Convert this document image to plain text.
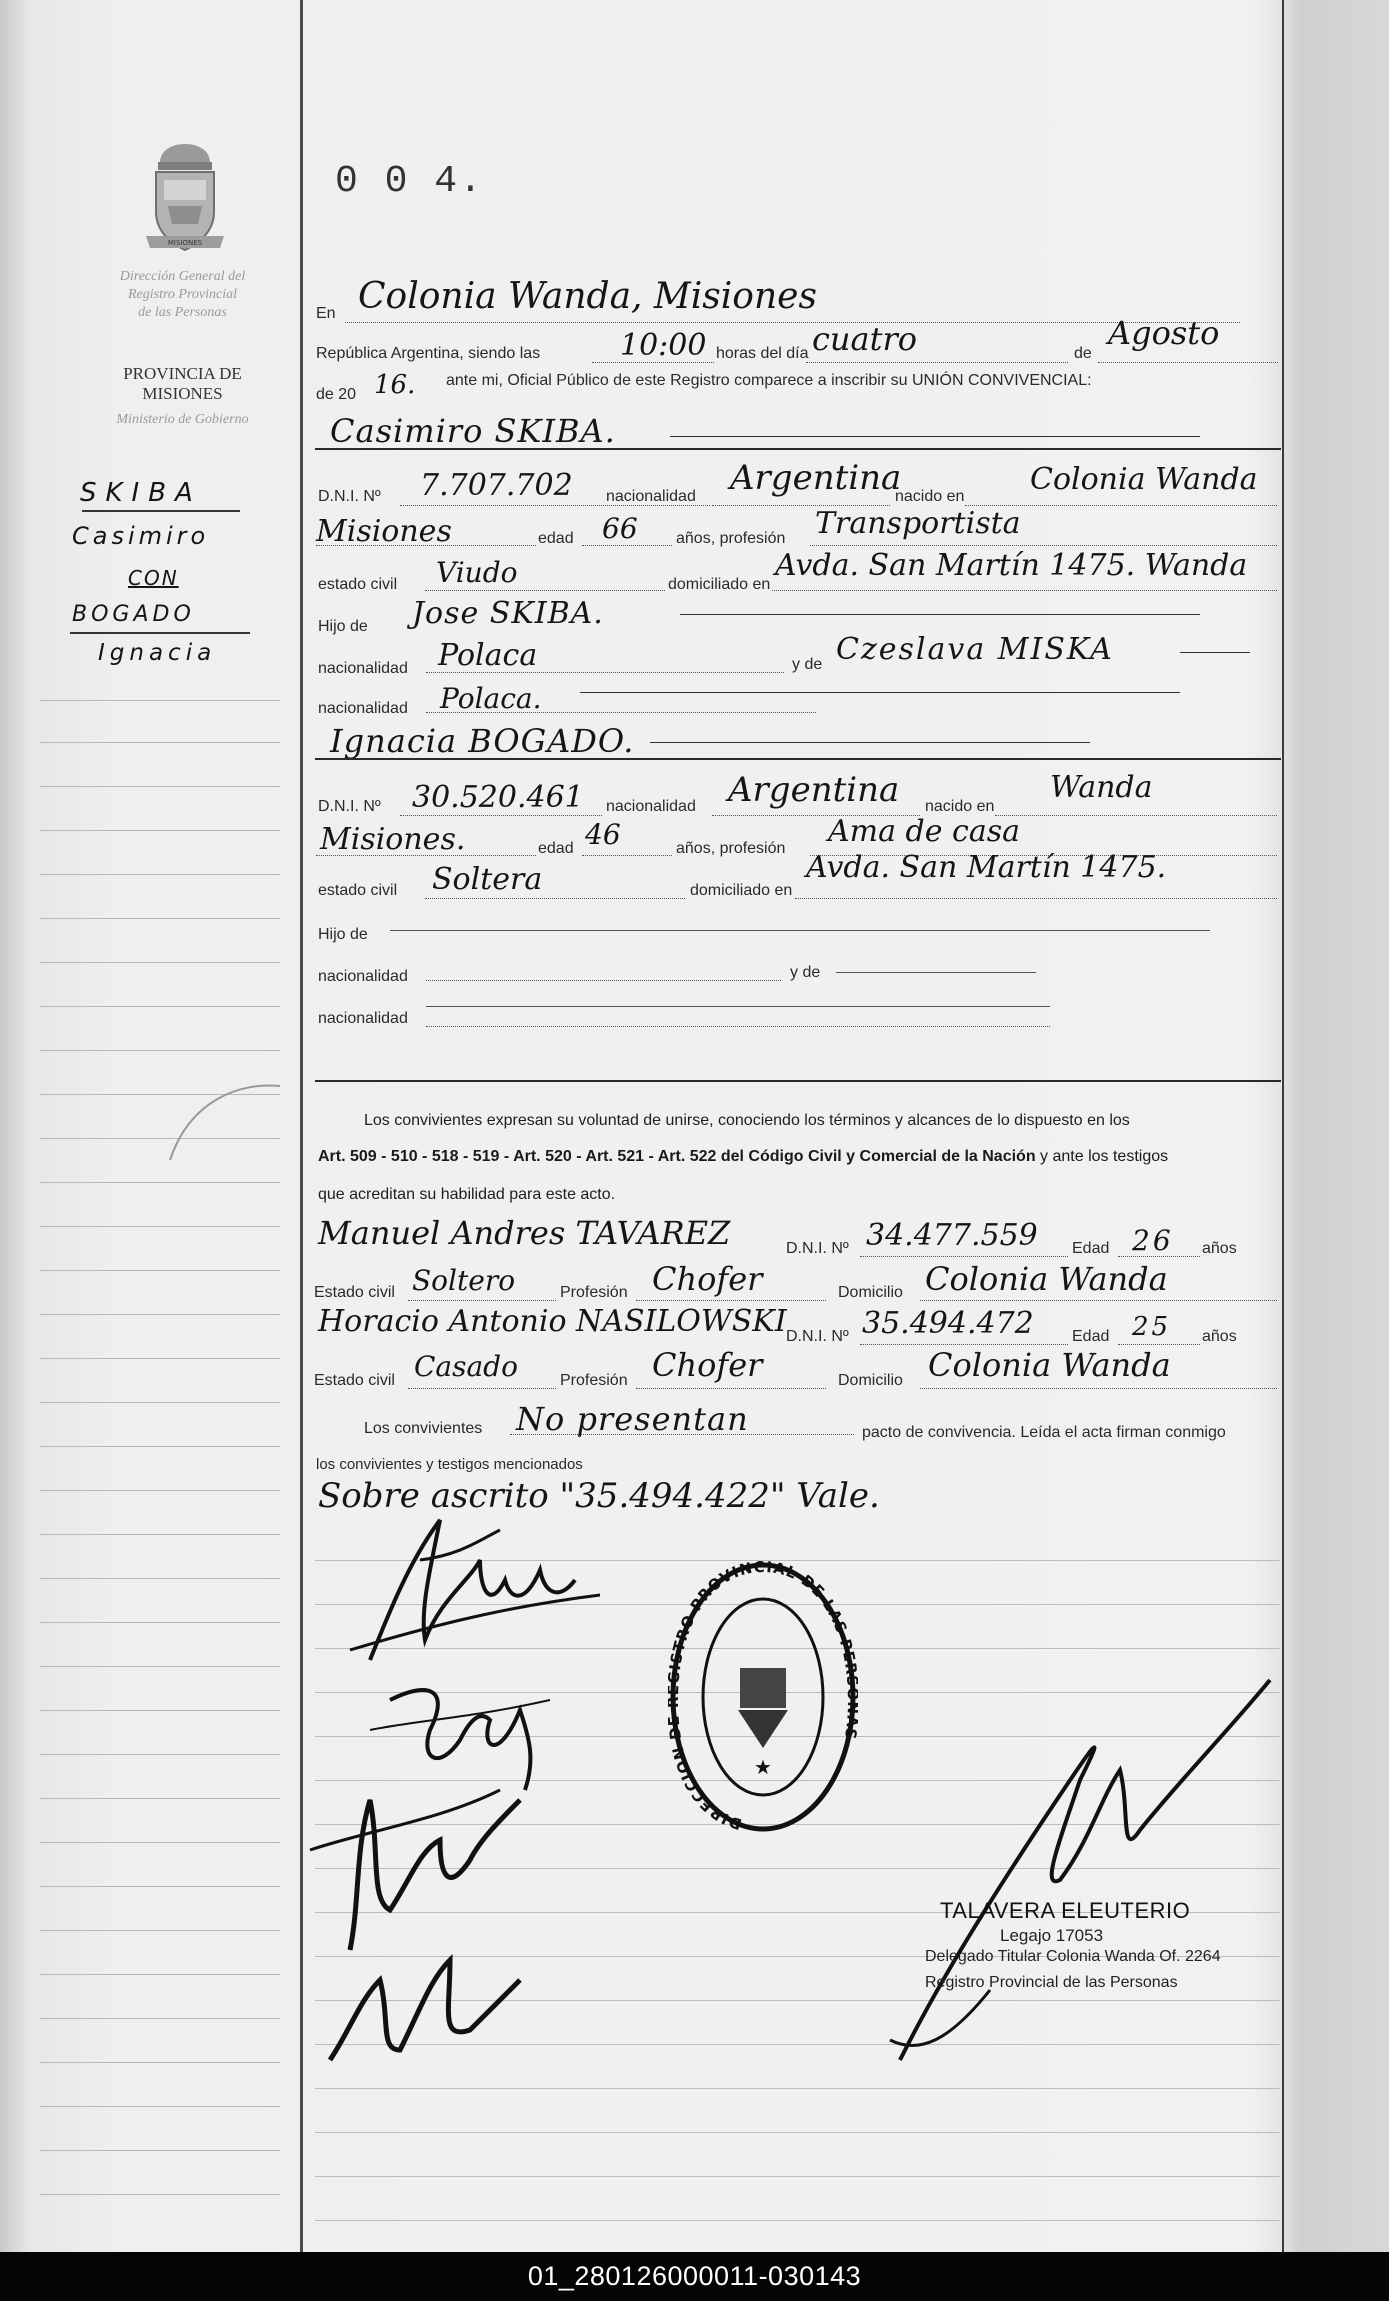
MISIONES
Dirección General del
Registro Provincial
de las Personas
PROVINCIA DE
MISIONES
Ministerio de Gobierno
SKIBA
Casimiro
CON
BOGADO
Ignacia
0 0 4.
En Colonia Wanda, Misiones
República Argentina, siendo las	10:00 horas del día cuatro	de
Agosto
de 20 16. ante mi, Oficial Público de este Registro comparece a inscribir su UNIÓN CONVIVENCIAL:
Casimiro SKIBA.
D.N.I. Nº 7.707.702 nacionalidad Argentina
nacido en Colonia Wanda
Misiones	edad 66 años, profesión Transportista
estado civil Viudo	domiciliado en
Avda. San Martín 1475. Wanda
Hijo de Jose SKIBA.
nacionalidad Polaca	y de Czeslava MISKA
nacionalidad Polaca.
Ignacia BOGADO.
D.N.I. Nº 30.520.461 nacionalidad Argentina nacido en
Wanda
Misiones.	edad 46	años, profesión Ama de casa
estado civil Soltera	domiciliado en
Avda. San Martín 1475.
Hijo de
nacionalidad	y de
nacionalidad
Los convivientes expresan su voluntad de unirse, conociendo los términos y alcances de lo dispuesto en los
Art. 509 - 510 - 518 - 519 - Art. 520 - Art. 521 - Art. 522 del Código Civil y Comercial de la Nación y ante los testigos
que acreditan su habilidad para este acto.
Manuel Andres TAVAREZ	D.N.I. Nº 34.477.559 Edad 26 años
Estado civil Soltero	Profesión Chofer	Domicilio Colonia Wanda
Horacio Antonio NASILOWSKI D.N.I. Nº 35.494.472 Edad 25 años
Estado civil Casado	Profesión Chofer	Domicilio Colonia Wanda
Los convivientes No presentan	pacto de convivencia. Leída el acta firman conmigo
los convivientes y testigos mencionados
Sobre ascrito "35.494.422" Vale.
DIRECCION STRO PROVINCIAL DE LAS PE
★
TALAVERA ELEUTERIO
Legajo 17053
Delegado Titular Colonia Wanda Of. 2264
Registro Provincial de las Personas
01_280126000011-030143
